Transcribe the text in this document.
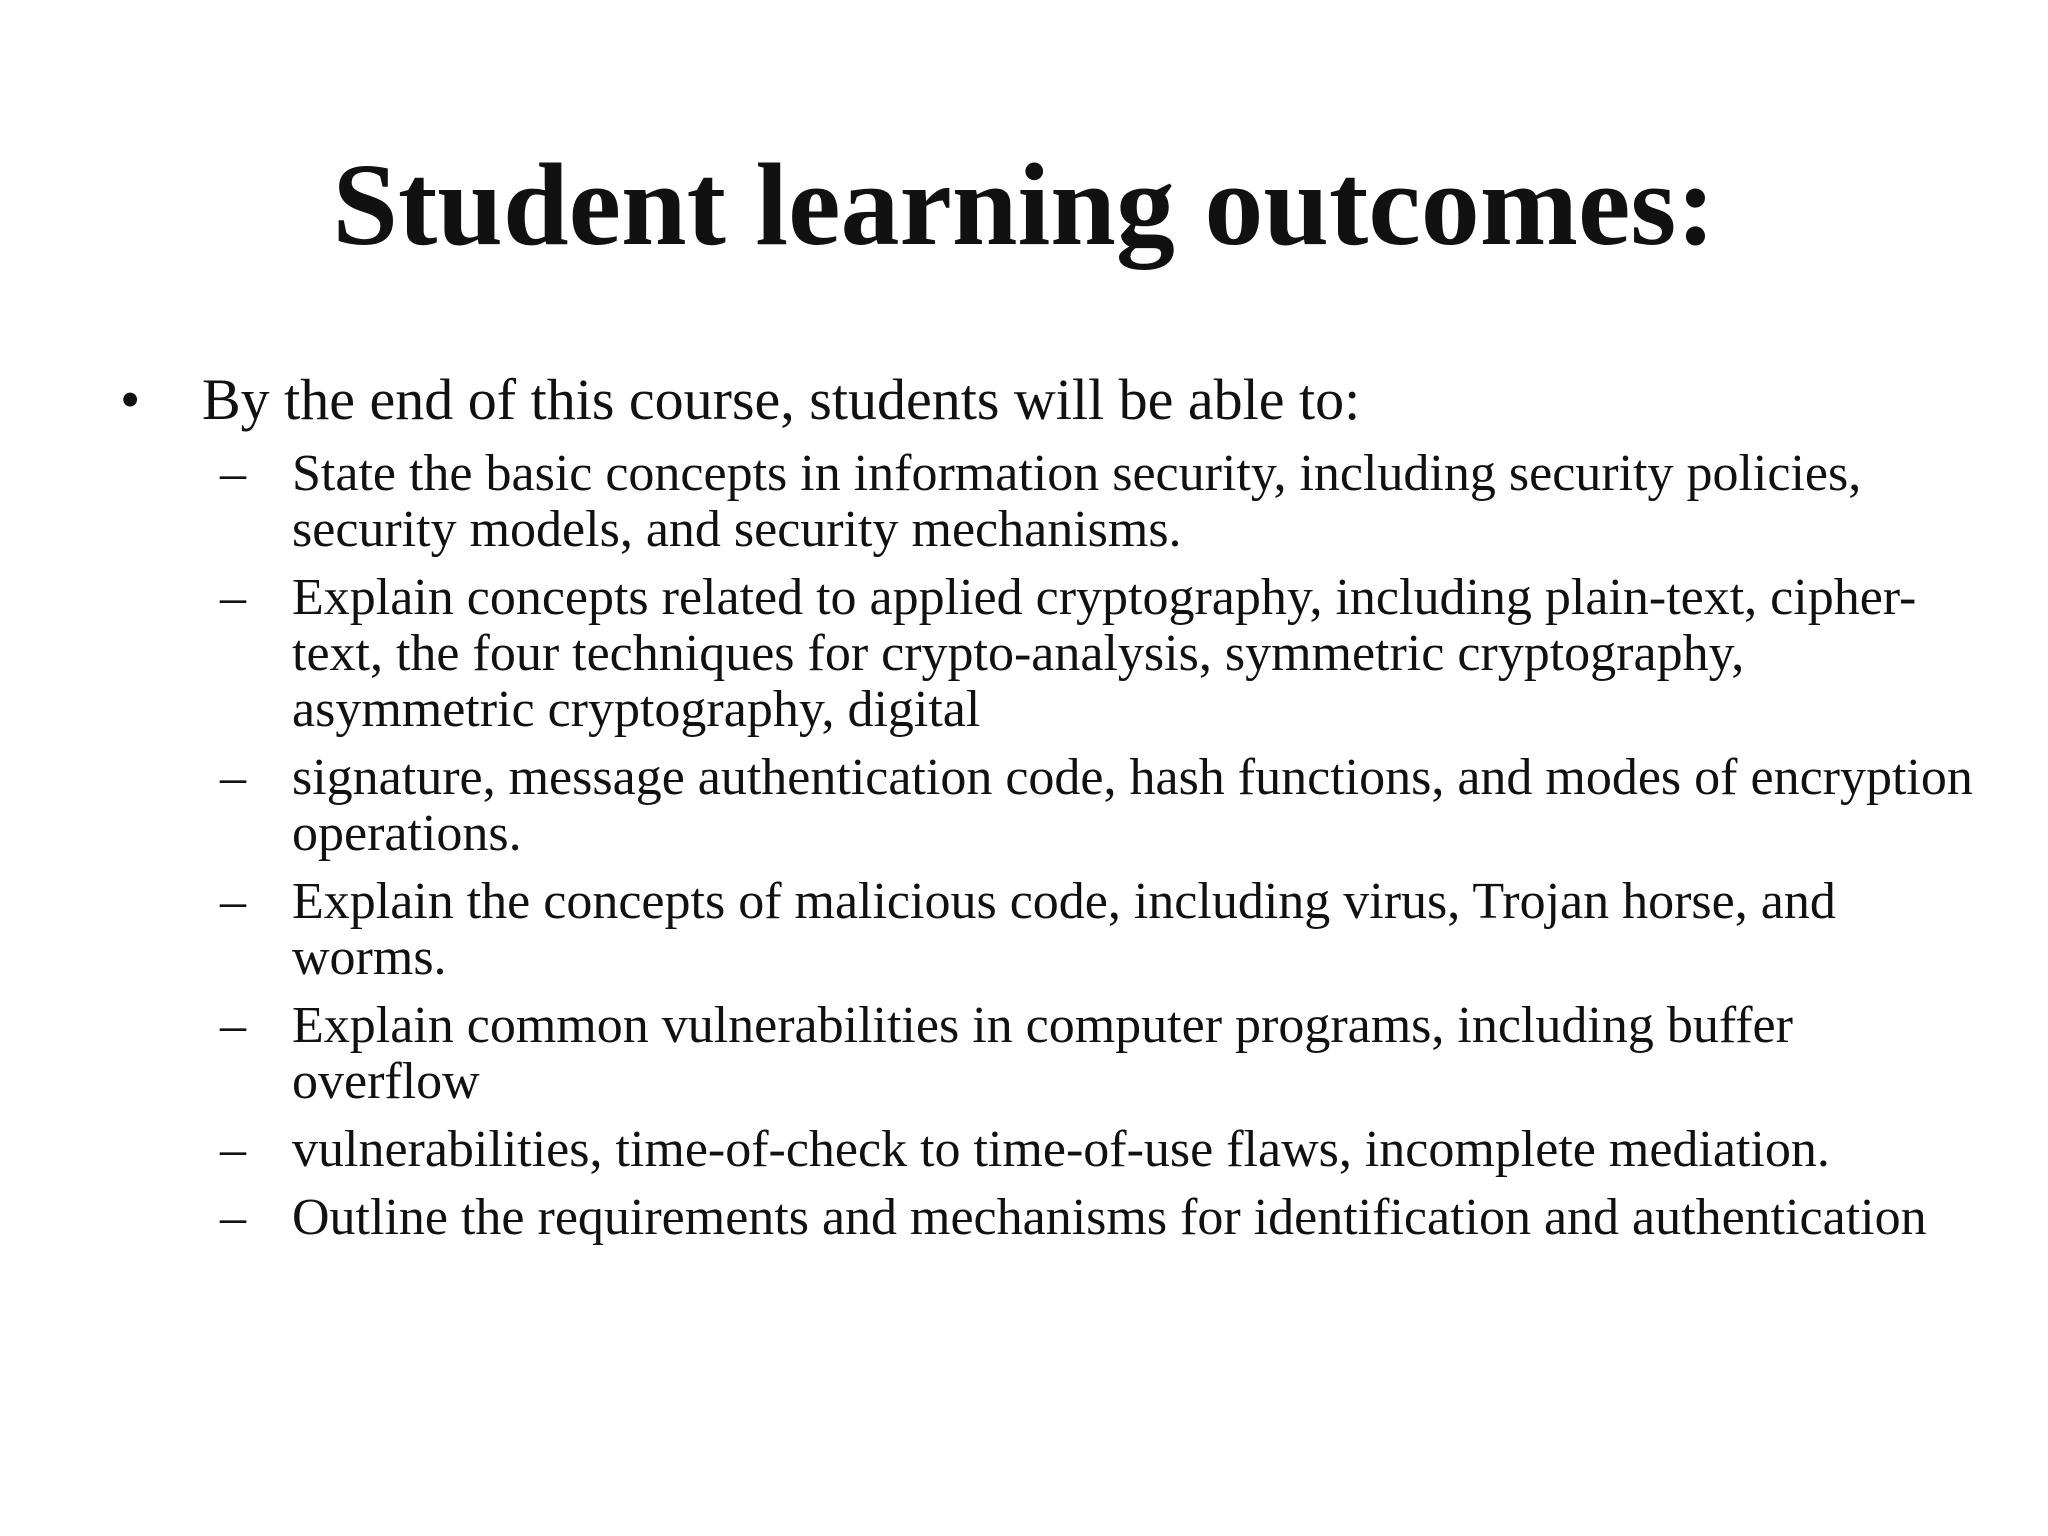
Student learning outcomes:
• By the end of this course, students will be able to:
– State the basic concepts in information security, including security policies, security models, and security mechanisms.
– Explain concepts related to applied cryptography, including plain-text, cipher-text, the four techniques for crypto-analysis, symmetric cryptography, asymmetric cryptography, digital
– signature, message authentication code, hash functions, and modes of encryption operations.
– Explain the concepts of malicious code, including virus, Trojan horse, and worms.
– Explain common vulnerabilities in computer programs, including buffer overflow
– vulnerabilities, time-of-check to time-of-use flaws, incomplete mediation.
– Outline the requirements and mechanisms for identification and authentication
